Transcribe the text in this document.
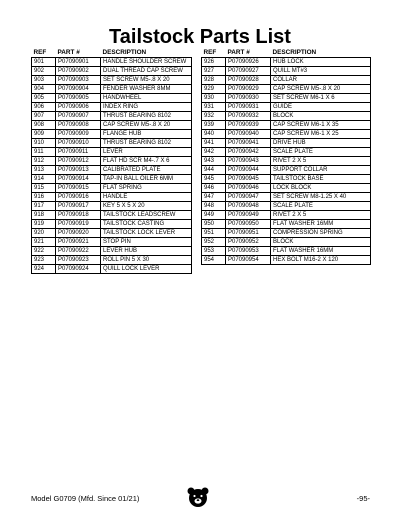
Tailstock Parts List
REF	PART #	DESCRIPTION
901	P07090901	HANDLE SHOULDER SCREW
902	P07090902	DUAL THREAD CAP SCREW
903	P07090903	SET SCREW M5-.8 X 20
904	P07090904	FENDER WASHER 8MM
905	P07090905	HANDWHEEL
906	P07090906	INDEX RING
907	P07090907	THRUST BEARING 8102
908	P07090908	CAP SCREW M5-.8 X 20
909	P07090909	FLANGE HUB
910	P07090910	THRUST BEARING 8102
911	P07090911	LEVER
912	P07090912	FLAT HD SCR M4-.7 X 6
913	P07090913	CALIBRATED PLATE
914	P07090914	TAP-IN BALL OILER 6MM
915	P07090915	FLAT SPRING
916	P07090916	HANDLE
917	P07090917	KEY 5 X 5 X 20
918	P07090918	TAILSTOCK LEADSCREW
919	P07090919	TAILSTOCK CASTING
920	P07090920	TAILSTOCK LOCK LEVER
921	P07090921	STOP PIN
922	P07090922	LEVER HUB
923	P07090923	ROLL PIN 5 X 30
924	P07090924	QUILL LOCK LEVER
REF	PART #	DESCRIPTION
926	P07090926	HUB LOCK
927	P07090927	QUILL MT#3
928	P07090928	COLLAR
929	P07090929	CAP SCREW M5-.8 X 20
930	P07090930	SET SCREW M6-1 X 6
931	P07090931	GUIDE
932	P07090932	BLOCK
939	P07090939	CAP SCREW M6-1 X 35
940	P07090940	CAP SCREW M6-1 X 25
941	P07090941	DRIVE HUB
942	P07090942	SCALE PLATE
943	P07090943	RIVET 2 X 5
944	P07090944	SUPPORT COLLAR
945	P07090945	TAILSTOCK BASE
946	P07090946	LOCK BLOCK
947	P07090947	SET SCREW M8-1.25 X 40
948	P07090948	SCALE PLATE
949	P07090949	RIVET 2 X 5
950	P07090950	FLAT WASHER 16MM
951	P07090951	COMPRESSION SPRING
952	P07090952	BLOCK
953	P07090953	FLAT WASHER 16MM
954	P07090954	HEX BOLT M16-2 X 120
Model G0709 (Mfd. Since 01/21)	-95-
